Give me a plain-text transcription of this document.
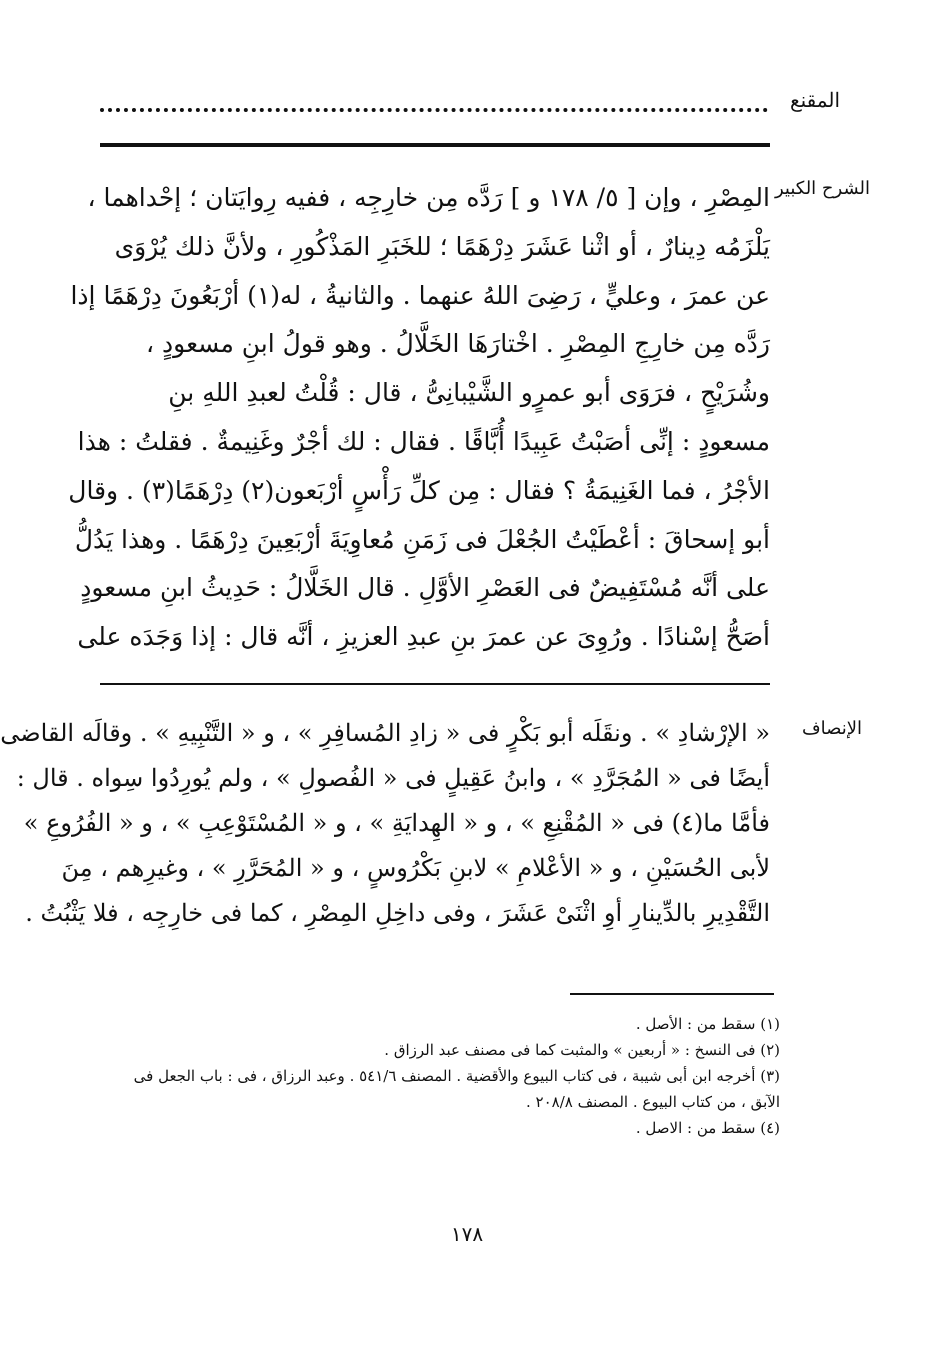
المقنع
الشرح الكبير

المِصْرِ ، وإن [ ٥/ ١٧٨ و ] رَدَّه مِن خارِجِه ، ففيه رِوايَتان ؛ إحْداهما ،

يَلْزَمُه دِينارٌ ، أو اثْنا عَشَرَ دِرْهَمًا ؛ للخَبَرِ المَذْكُورِ ، ولأنَّ ذلك يُرْوَى

عن عمرَ ، وعليٍّ ، رَضِىَ اللهُ عنهما . والثانيةُ ، له(١) أرْبَعُونَ دِرْهَمًا إذا

رَدَّه مِن خارِجِ المِصْرِ . اخْتارَهَا الخَلَّالُ . وهو قولُ ابنِ مسعودٍ ،

وشُرَيْحٍ ، فرَوَى أبو عمرٍو الشَّيْبانِىُّ ، قال : قُلْتُ لعبدِ اللهِ بنِ

مسعودٍ : إنِّى أصَبْتُ عَبِيدًا أُبَّاقًا . فقال : لك أجْرٌ وغَنِيمةٌ . فقلتُ : هذا

الأجْرُ ، فما الغَنِيمَةُ ؟ فقال : مِن كلِّ رَأْسٍ أرْبَعون(٢) دِرْهَمًا(٣) . وقال

أبو إسحاقَ : أعْطَيْتُ الجُعْلَ فى زَمَنِ مُعاوِيَةَ أرْبَعِينَ دِرْهَمًا . وهذا يَدُلُّ

على أنَّه مُسْتَفِيضٌ فى العَصْرِ الأوَّلِ . قال الخَلَّالُ : حَدِيثُ ابنِ مسعودٍ

أصَحُّ إسْنادًا . ورُوِىَ عن عمرَ بنِ عبدِ العزيزِ ، أنَّه قال : إذا وَجَدَه على

الإنصاف

« الإرْشادِ » . ونقَلَه أبو بَكْرٍ فى « زادِ المُسافِرِ » ، و « التَّنْبِيهِ » . وقالَه القاضى

أيضًا فى « المُجَرَّدِ » ، وابنُ عَقِيلٍ فى « الفُصولِ » ، ولم يُورِدُوا سِواه . قال :

فأمَّا ما(٤) فى « المُقْنِعِ » ، و « الهِدايَةِ » ، و « المُسْتَوْعِبِ » ، و « الفُرُوعِ »

لأبى الحُسَيْنِ ، و « الأعْلامِ » لابنِ بَكْرُوسٍ ، و « المُحَرَّرِ » ، وغيرِهم ، مِنَ

التَّقْدِيرِ بالدِّينارِ أوِ اثْنَىْ عَشَرَ ، وفى داخِلِ المِصْرِ ، كما فى خارِجِه ، فلا يَثْبُتُ .

(١) سقط من : الأصل .

(٢) فى النسخ : « أربعين » والمثبت كما فى مصنف عبد الرزاق .

(٣) أخرجه ابن أبى شيبة ، فى كتاب البيوع والأقضية . المصنف ٥٤١/٦ . وعبد الرزاق ، فى : باب الجعل فى

الآبق ، من كتاب البيوع . المصنف ٢٠٨/٨ .

(٤) سقط من : الاصل .

١٧٨
